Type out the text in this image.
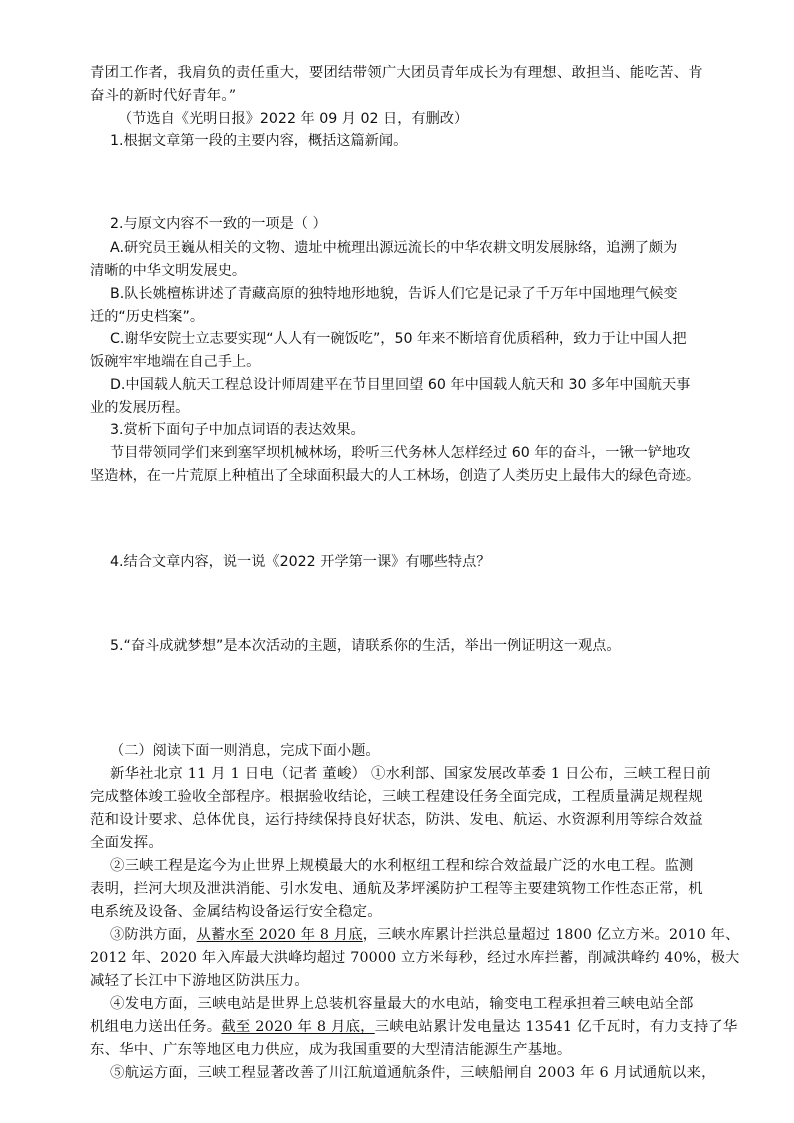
青团工作者，我肩负的责任重大，要团结带领广大团员青年成长为有理想、敢担当、能吃苦、肯
奋斗的新时代好青年。”
（节选自《光明日报》2022 年 09 月 02 日，有删改）
1.根据文章第一段的主要内容，概括这篇新闻。
2.与原文内容不一致的一项是（ ）
A.研究员王巍从相关的文物、遗址中梳理出源远流长的中华农耕文明发展脉络，追溯了颇为
清晰的中华文明发展史。
B.队长姚檀栋讲述了青藏高原的独特地形地貌，告诉人们它是记录了千万年中国地理气候变
迁的“历史档案”。
C.谢华安院士立志要实现“人人有一碗饭吃”，50 年来不断培育优质稻种，致力于让中国人把
饭碗牢牢地端在自己手上。
D.中国载人航天工程总设计师周建平在节目里回望 60 年中国载人航天和 30 多年中国航天事
业的发展历程。
3.赏析下面句子中加点词语的表达效果。
节目带领同学们来到塞罕坝机械林场，聆听三代务林人怎样经过 60 年的奋斗，一锹一铲地攻
坚造林，在一片荒原上种植出了全球面积最大的人工林场，创造了人类历史上最伟大的绿色奇迹。
4.结合文章内容，说一说《2022 开学第一课》有哪些特点？
5.“奋斗成就梦想”是本次活动的主题，请联系你的生活，举出一例证明这一观点。
（二）阅读下面一则消息，完成下面小题。
新华社北京 11 月 1 日电（记者 董峻） ①水利部、国家发展改革委 1 日公布，三峡工程日前
完成整体竣工验收全部程序。根据验收结论，三峡工程建设任务全面完成，工程质量满足规程规
范和设计要求、总体优良，运行持续保持良好状态，防洪、发电、航运、水资源利用等综合效益
全面发挥。
②三峡工程是迄今为止世界上规模最大的水利枢纽工程和综合效益最广泛的水电工程。监测
表明，拦河大坝及泄洪消能、引水发电、通航及茅坪溪防护工程等主要建筑物工作性态正常，机
电系统及设备、金属结构设备运行安全稳定。
③防洪方面，从蓄水至 2020 年 8 月底，三峡水库累计拦洪总量超过 1800 亿立方米。2010 年、
2012 年、2020 年入库最大洪峰均超过 70000 立方米每秒，经过水库拦蓄，削减洪峰约 40%，极大
减轻了长江中下游地区防洪压力。
④发电方面，三峡电站是世界上总装机容量最大的水电站，输变电工程承担着三峡电站全部
机组电力送出任务。截至 2020 年 8 月底，三峡电站累计发电量达 13541 亿千瓦时，有力支持了华
东、华中、广东等地区电力供应，成为我国重要的大型清洁能源生产基地。
⑤航运方面，三峡工程显著改善了川江航道通航条件，三峡船闸自 2003 年 6 月试通航以来，
